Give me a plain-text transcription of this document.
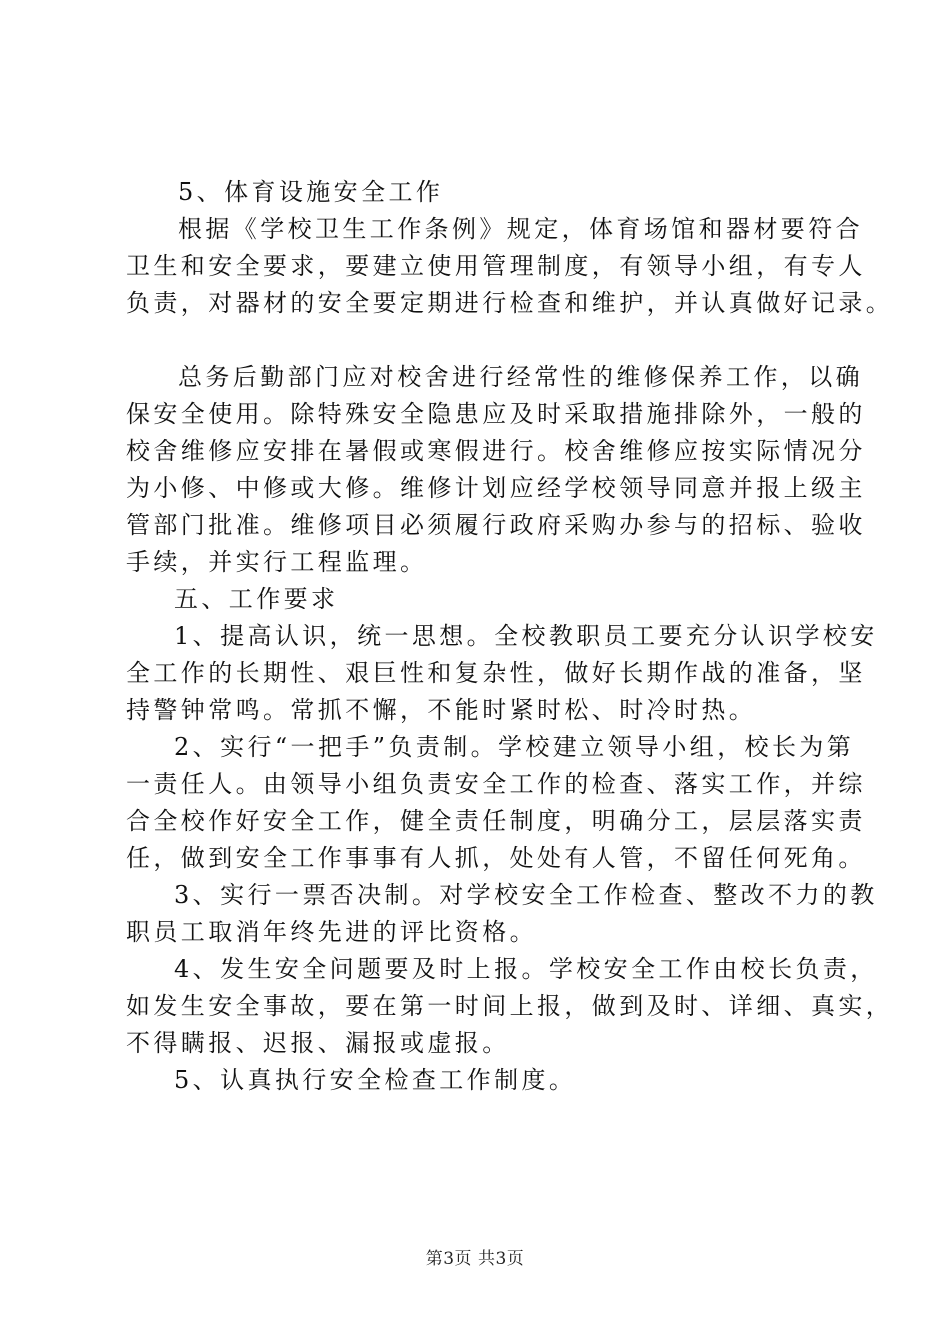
5、体育设施安全工作
根据《学校卫生工作条例》规定，体育场馆和器材要符合
卫生和安全要求，要建立使用管理制度，有领导小组，有专人
负责，对器材的安全要定期进行检查和维护，并认真做好记录。
总务后勤部门应对校舍进行经常性的维修保养工作，以确
保安全使用。除特殊安全隐患应及时采取措施排除外，一般的
校舍维修应安排在暑假或寒假进行。校舍维修应按实际情况分
为小修、中修或大修。维修计划应经学校领导同意并报上级主
管部门批准。维修项目必须履行政府采购办参与的招标、验收
手续，并实行工程监理。
五、工作要求
1、提高认识，统一思想。全校教职员工要充分认识学校安
全工作的长期性、艰巨性和复杂性，做好长期作战的准备，坚
持警钟常鸣。常抓不懈，不能时紧时松、时冷时热。
2、实行“一把手”负责制。学校建立领导小组，校长为第
一责任人。由领导小组负责安全工作的检查、落实工作，并综
合全校作好安全工作，健全责任制度，明确分工，层层落实责
任，做到安全工作事事有人抓，处处有人管，不留任何死角。
3、实行一票否决制。对学校安全工作检查、整改不力的教
职员工取消年终先进的评比资格。
4、发生安全问题要及时上报。学校安全工作由校长负责，
如发生安全事故，要在第一时间上报，做到及时、详细、真实，
不得瞒报、迟报、漏报或虚报。
5、认真执行安全检查工作制度。
第3页 共3页
